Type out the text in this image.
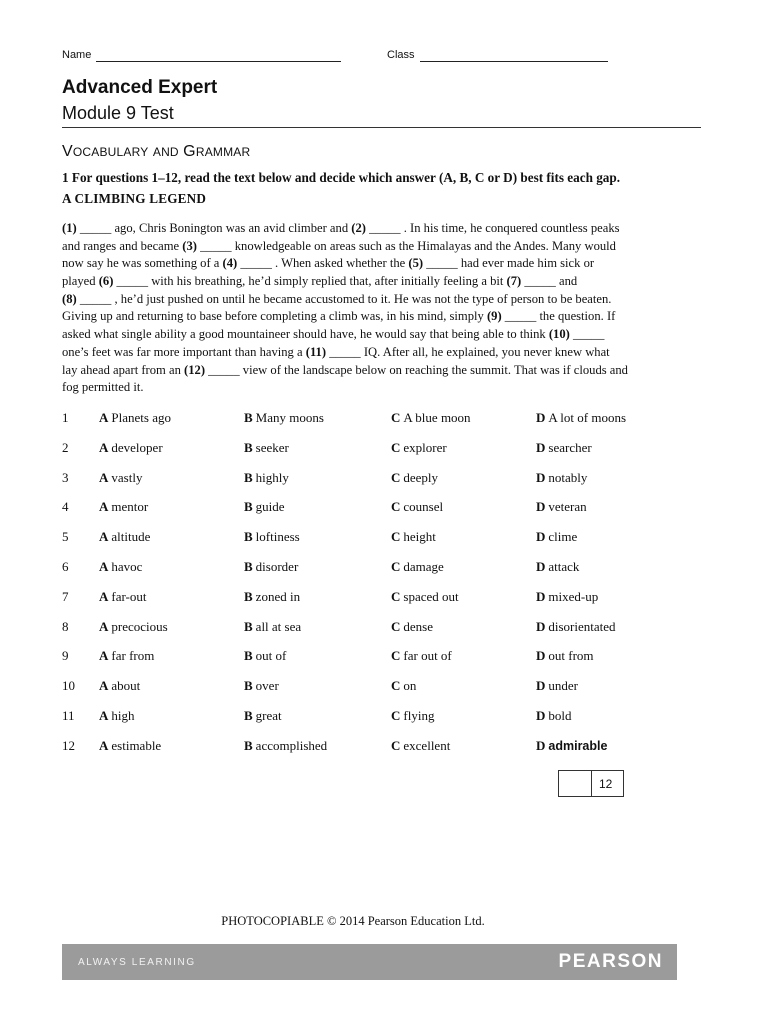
Name	Class
Advanced Expert
Module 9 Test
VOCABULARY AND GRAMMAR
1 For questions 1–12, read the text below and decide which answer (A, B, C or D) best fits each gap.
A CLIMBING LEGEND
(1) _____ ago, Chris Bonington was an avid climber and (2) _____ . In his time, he conquered countless peaks
and ranges and became (3) _____ knowledgeable on areas such as the Himalayas and the Andes. Many would
now say he was something of a (4) _____ . When asked whether the (5) _____ had ever made him sick or
played (6) _____ with his breathing, he’d simply replied that, after initially feeling a bit (7) _____ and
(8) _____ , he’d just pushed on until he became accustomed to it. He was not the type of person to be beaten.
Giving up and returning to base before completing a climb was, in his mind, simply (9) _____ the question. If
asked what single ability a good mountaineer should have, he would say that being able to think (10) _____
one’s feet was far more important than having a (11) _____ IQ. After all, he explained, you never knew what
lay ahead apart from an (12) _____ view of the landscape below on reaching the summit. That was if clouds and
fog permitted it.
1 A Planets ago	B Many moons	C A blue moon	D A lot of moons
2 A developer	B seeker	C explorer	D searcher
3 A vastly	B highly	C deeply	D notably
4 A mentor	B guide	C counsel	D veteran
5 A altitude	B loftiness	C height	D clime
6 A havoc	B disorder	C damage	D attack
7 A far-out	B zoned in	C spaced out	D mixed-up
8 A precocious	B all at sea	C dense	D disorientated
9 A far from	B out of	C far out of	D out from
10 A about	B over	C on	D under
11 A high	B great	C flying	D bold
12 A estimable	B accomplished	C excellent	D admirable
12
PHOTOCOPIABLE © 2014 Pearson Education Ltd.
ALWAYS LEARNING	PEARSON
